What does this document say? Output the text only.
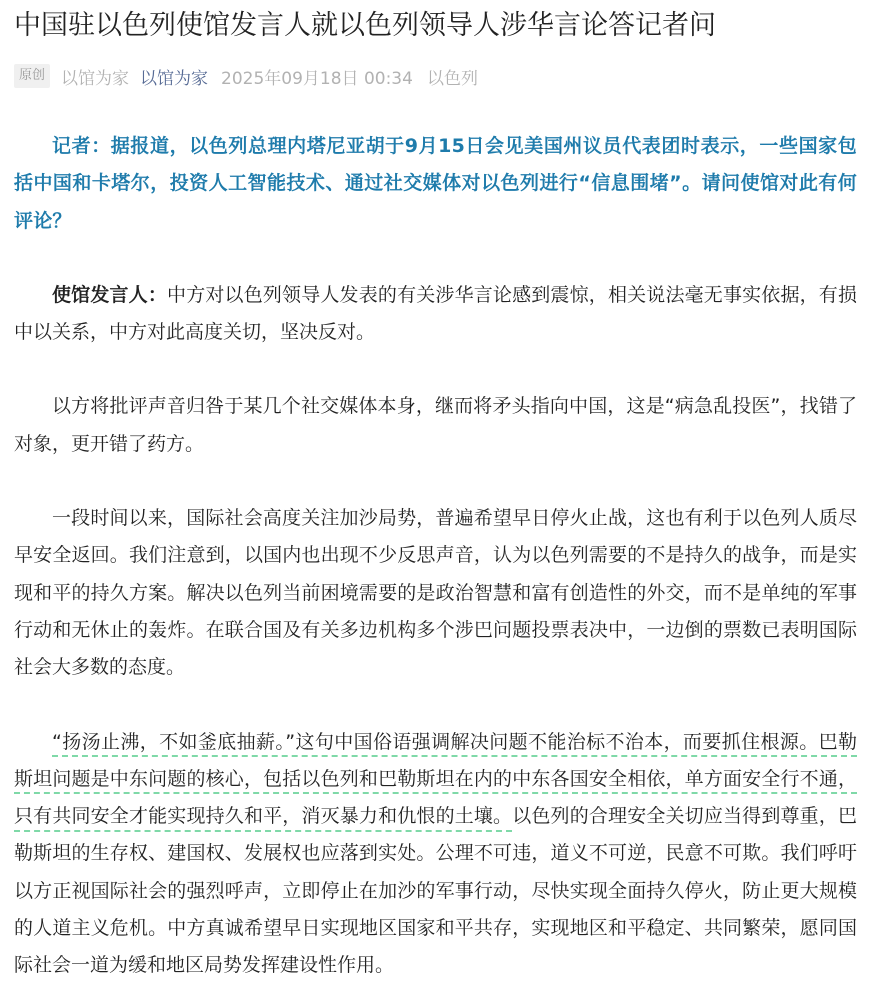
中国驻以色列使馆发言人就以色列领导人涉华言论答记者问
原创 以馆为家 以馆为家 2025年09月18日 00:34 以色列

记者：据报道，以色列总理内塔尼亚胡于9月15日会见美国州议员代表团时表示，一些国家包括中国和卡塔尔，投资人工智能技术、通过社交媒体对以色列进行“信息围堵”。请问使馆对此有何评论？

使馆发言人：中方对以色列领导人发表的有关涉华言论感到震惊，相关说法毫无事实依据，有损中以关系，中方对此高度关切，坚决反对。

以方将批评声音归咎于某几个社交媒体本身，继而将矛头指向中国，这是“病急乱投医”，找错了对象，更开错了药方。

一段时间以来，国际社会高度关注加沙局势，普遍希望早日停火止战，这也有利于以色列人质尽早安全返回。我们注意到，以国内也出现不少反思声音，认为以色列需要的不是持久的战争，而是实现和平的持久方案。解决以色列当前困境需要的是政治智慧和富有创造性的外交，而不是单纯的军事行动和无休止的轰炸。在联合国及有关多边机构多个涉巴问题投票表决中，一边倒的票数已表明国际社会大多数的态度。

“扬汤止沸，不如釜底抽薪。”这句中国俗语强调解决问题不能治标不治本，而要抓住根源。巴勒斯坦问题是中东问题的核心，包括以色列和巴勒斯坦在内的中东各国安全相依，单方面安全行不通，只有共同安全才能实现持久和平，消灭暴力和仇恨的土壤。以色列的合理安全关切应当得到尊重，巴勒斯坦的生存权、建国权、发展权也应落到实处。公理不可违，道义不可逆，民意不可欺。我们呼吁以方正视国际社会的强烈呼声，立即停止在加沙的军事行动，尽快实现全面持久停火，防止更大规模的人道主义危机。中方真诚希望早日实现地区国家和平共存，实现地区和平稳定、共同繁荣，愿同国际社会一道为缓和地区局势发挥建设性作用。
